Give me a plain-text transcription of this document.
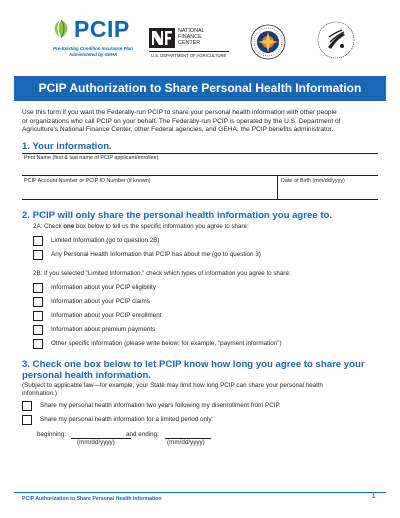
PCIP
Pre-Existing Condition Insurance Plan
Administered by GEHA
NATIONAL
FINANCE
CENTER
U.S. DEPARTMENT OF AGRICULTURE
PCIP Authorization to Share Personal Health Information
Use this form if you want the Federally-run PCIP to share your personal health information with other people
or organizations who call PCIP on your behalf. The Federally-run PCIP is operated by the U.S. Department of
Agriculture's National Finance Center, other Federal agencies, and GEHA, the PCIP benefits administrator.
1. Your information.
Print Name (first & last name of PCIP applicant/enrollee)
PCIP Account Number or PCIP ID Number (if known)	Date of Birth (mm/dd/yyyy)
2. PCIP will only share the personal health information you agree to.
2A: Check one box below to tell us the specific information you agree to share:
Limited Information (go to question 2B)
Any Personal Health Information that PCIP has about me (go to question 3)
2B: If you selected "Limited Information," check which types of information you agree to share:
Information about your PCIP eligibility
Information about your PCIP claims
Information about your PCIP enrollment
Information about premium payments
Other specific information (please write below; for example, "payment information")
3. Check one box below to let PCIP know how long you agree to share your
personal health information.
(Subject to applicable law—for example, your State may limit how long PCIP can share your personal health
information.)
Share my personal health information two years following my disenrollment from PCIP.
Share my personal health information for a limited period only:
beginning:
(mm/dd/yyyy)
and ending:
(mm/dd/yyyy)
PCIP Authorization to Share Personal Health Information	1
